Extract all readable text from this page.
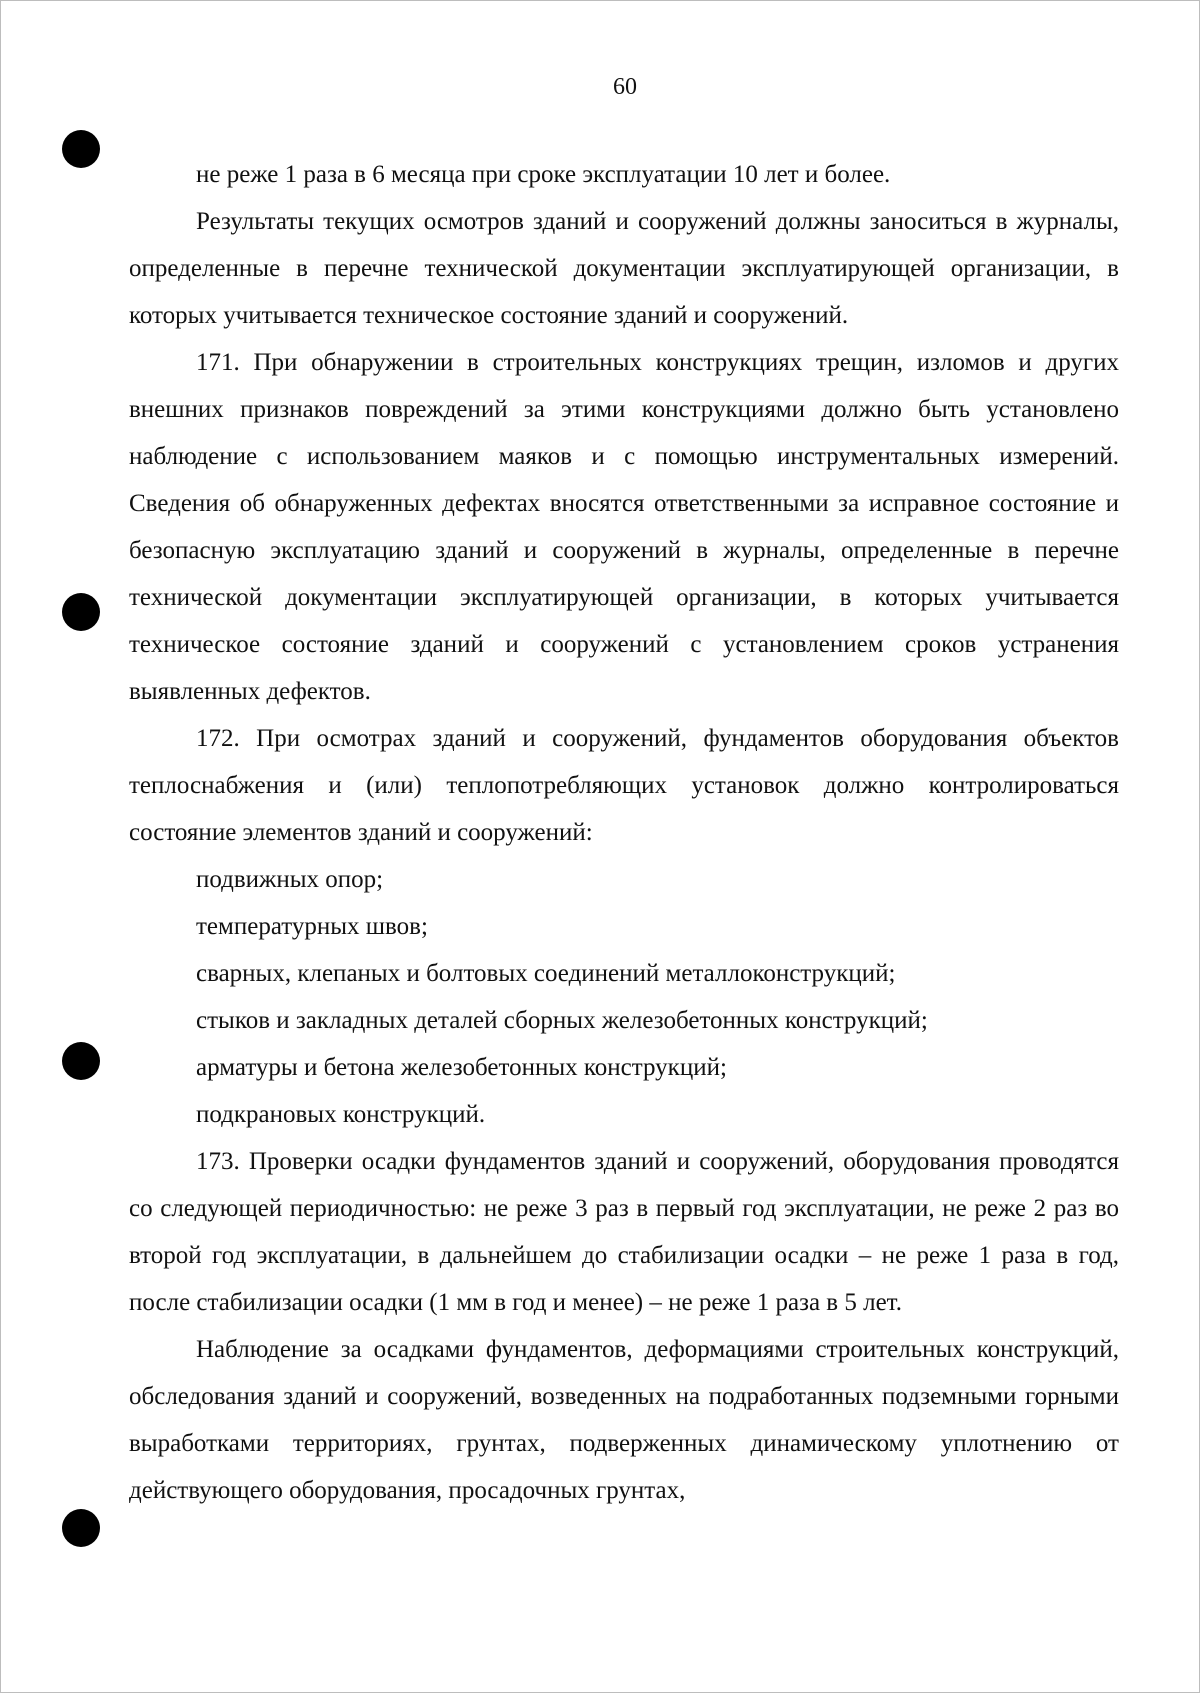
60

не реже 1 раза в 6 месяца при сроке эксплуатации 10 лет и более.

Результаты текущих осмотров зданий и сооружений должны заноситься в журналы, определенные в перечне технической документации эксплуатирующей организации, в которых учитывается техническое состояние зданий и сооружений.

171. При обнаружении в строительных конструкциях трещин, изломов и других внешних признаков повреждений за этими конструкциями должно быть установлено наблюдение с использованием маяков и с помощью инструментальных измерений. Сведения об обнаруженных дефектах вносятся ответственными за исправное состояние и безопасную эксплуатацию зданий и сооружений в журналы, определенные в перечне технической документации эксплуатирующей организации, в которых учитывается техническое состояние зданий и сооружений с установлением сроков устранения выявленных дефектов.

172. При осмотрах зданий и сооружений, фундаментов оборудования объектов теплоснабжения и (или) теплопотребляющих установок должно контролироваться состояние элементов зданий и сооружений:

подвижных опор;

температурных швов;

сварных, клепаных и болтовых соединений металлоконструкций;

стыков и закладных деталей сборных железобетонных конструкций;

арматуры и бетона железобетонных конструкций;

подкрановых конструкций.

173. Проверки осадки фундаментов зданий и сооружений, оборудования проводятся со следующей периодичностью: не реже 3 раз в первый год эксплуатации, не реже 2 раз во второй год эксплуатации, в дальнейшем до стабилизации осадки – не реже 1 раза в год, после стабилизации осадки (1 мм в год и менее) – не реже 1 раза в 5 лет.

Наблюдение за осадками фундаментов, деформациями строительных конструкций, обследования зданий и сооружений, возведенных на подработанных подземными горными выработками территориях, грунтах, подверженных динамическому уплотнению от действующего оборудования, просадочных грунтах,
